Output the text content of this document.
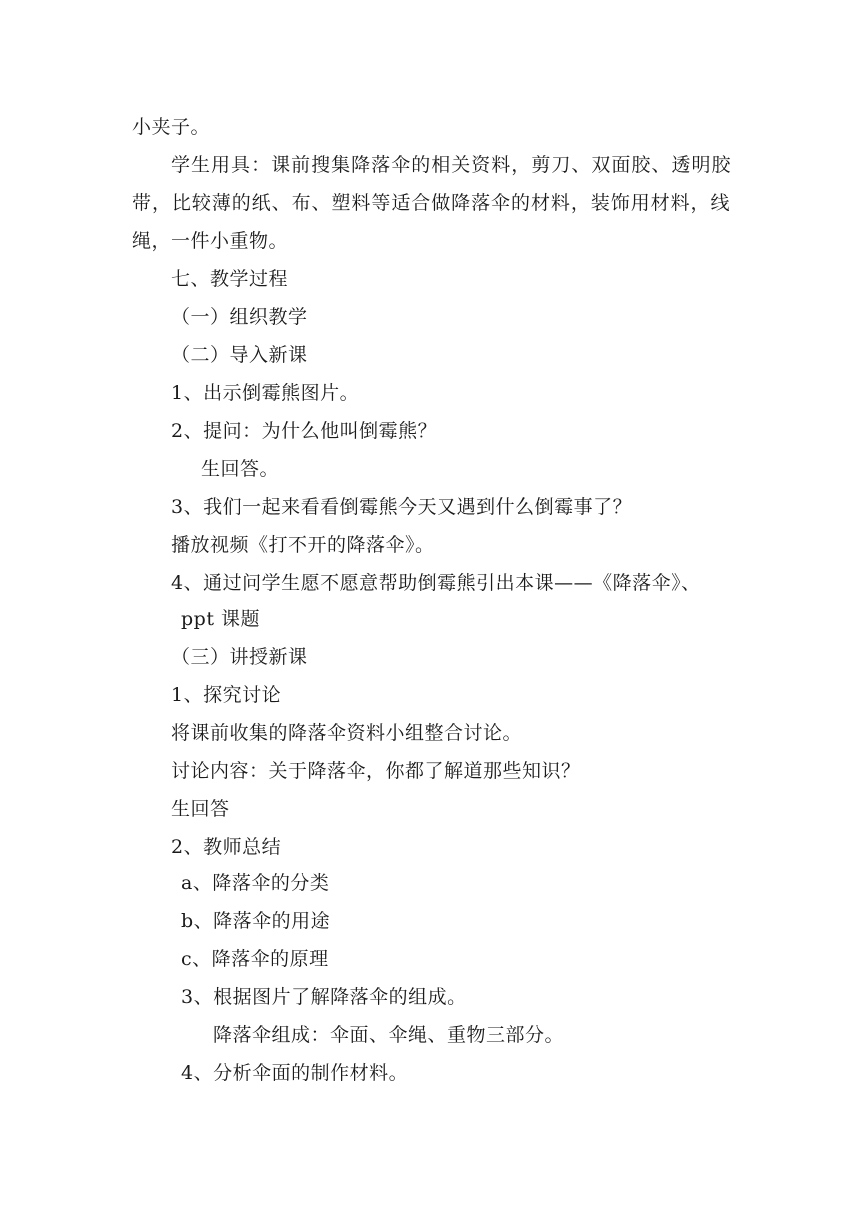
小夹子。
学生用具：课前搜集降落伞的相关资料，剪刀、双面胶、透明胶
带，比较薄的纸、布、塑料等适合做降落伞的材料，装饰用材料，线
绳，一件小重物。
七、教学过程
（一）组织教学
（二）导入新课
1、出示倒霉熊图片。
2、提问：为什么他叫倒霉熊？
生回答。
3、我们一起来看看倒霉熊今天又遇到什么倒霉事了？
播放视频《打不开的降落伞》。
4、通过问学生愿不愿意帮助倒霉熊引出本课——《降落伞》、
ppt 课题
（三）讲授新课
1、探究讨论
将课前收集的降落伞资料小组整合讨论。
讨论内容：关于降落伞，你都了解道那些知识？
生回答
2、教师总结
a、降落伞的分类
b、降落伞的用途
c、降落伞的原理
3、根据图片了解降落伞的组成。
降落伞组成：伞面、伞绳、重物三部分。
4、分析伞面的制作材料。
